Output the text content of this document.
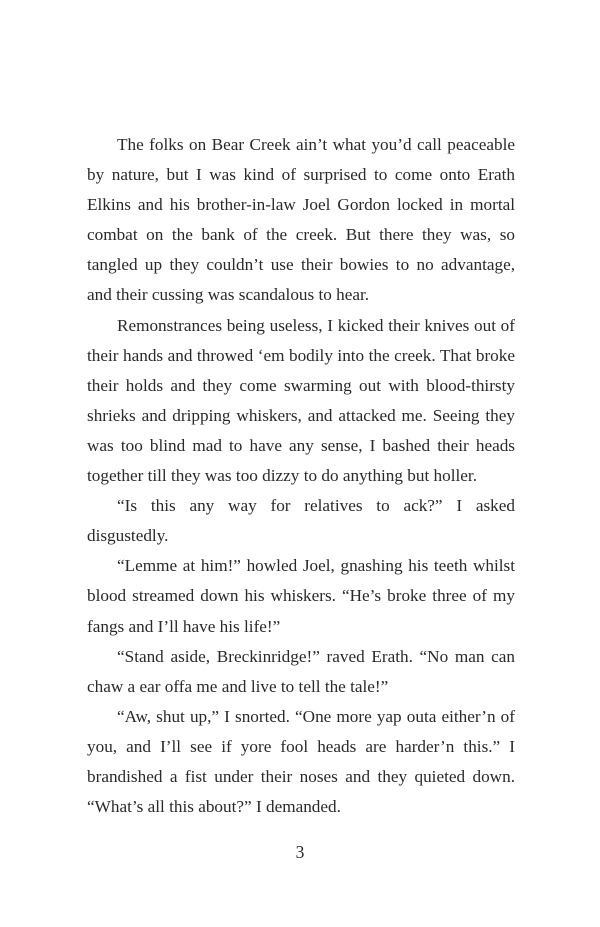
The folks on Bear Creek ain’t what you’d call peaceable by nature, but I was kind of surprised to come onto Erath Elkins and his brother-in-law Joel Gordon locked in mortal combat on the bank of the creek. But there they was, so tangled up they couldn’t use their bowies to no advantage, and their cussing was scandalous to hear.

Remonstrances being useless, I kicked their knives out of their hands and throwed ‘em bodily into the creek. That broke their holds and they come swarming out with blood-thirsty shrieks and dripping whiskers, and attacked me. Seeing they was too blind mad to have any sense, I bashed their heads together till they was too dizzy to do anything but holler.

“Is this any way for relatives to ack?” I asked disgustedly.

“Lemme at him!” howled Joel, gnashing his teeth whilst blood streamed down his whiskers. “He’s broke three of my fangs and I’ll have his life!”

“Stand aside, Breckinridge!” raved Erath. “No man can chaw a ear offa me and live to tell the tale!”

“Aw, shut up,” I snorted. “One more yap outa either’n of you, and I’ll see if yore fool heads are harder’n this.” I brandished a fist under their noses and they quieted down. “What’s all this about?” I demanded.

3
